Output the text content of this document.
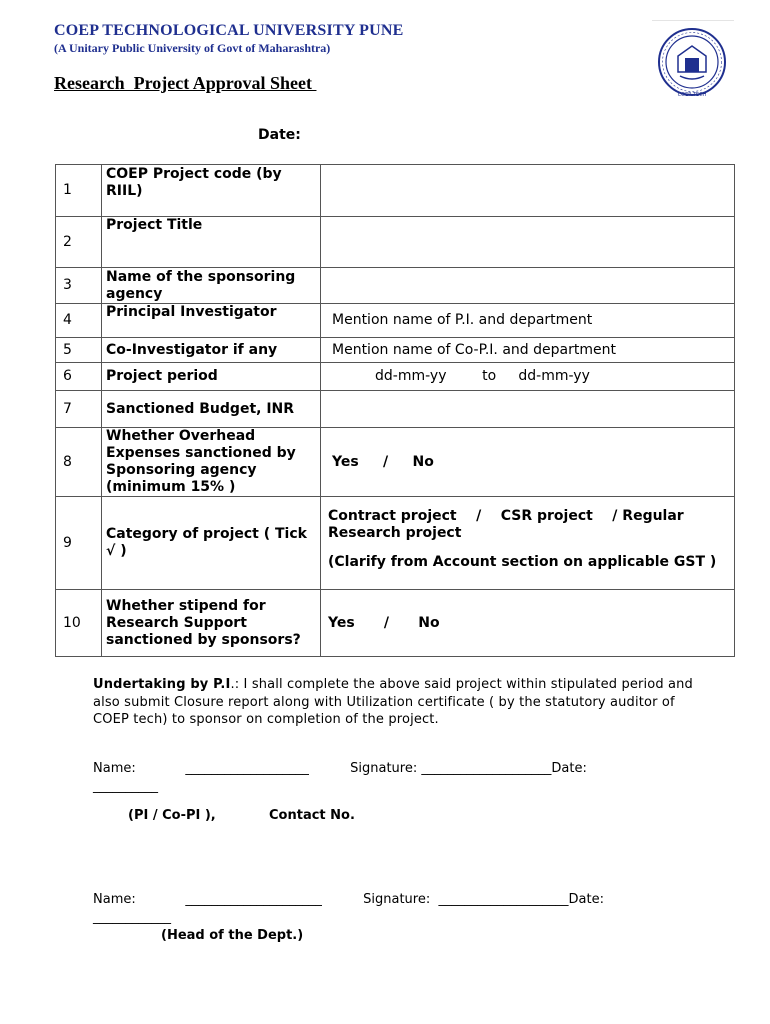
COEP TECHNOLOGICAL UNIVERSITY PUNE
(A Unitary Public University of Govt of Maharashtra)
COEP TECH
Research  Project Approval Sheet
Date:
1	COEP Project code (by RIIL)	
2	Project Title	
3	Name of the sponsoring agency	
4	Principal Investigator	Mention name of P.I. and department
5	Co-Investigator if any	Mention name of Co-P.I. and department
6	Project period	dd-mm-yy        to     dd-mm-yy
7	Sanctioned Budget, INR	
8	Whether Overhead Expenses sanctioned by Sponsoring agency (minimum 15% )	Yes     /     No
9	Category of project ( Tick √ )	Contract project    /    CSR project    / Regular Research project
(Clarify from Account section on applicable GST )

10	Whether stipend for Research Support sanctioned by sponsors?	Yes      /      No
Undertaking by P.I.: I shall complete the above said project within stipulated period and also submit Closure report along with Utilization certificate ( by the statutory auditor of COEP tech) to sponsor on completion of the project.
Name:            ___________________          Signature: ____________________Date:
__________
(PI / Co-PI ),	Contact No.
Name:            _____________________          Signature:  ____________________Date:
____________
(Head of the Dept.)
